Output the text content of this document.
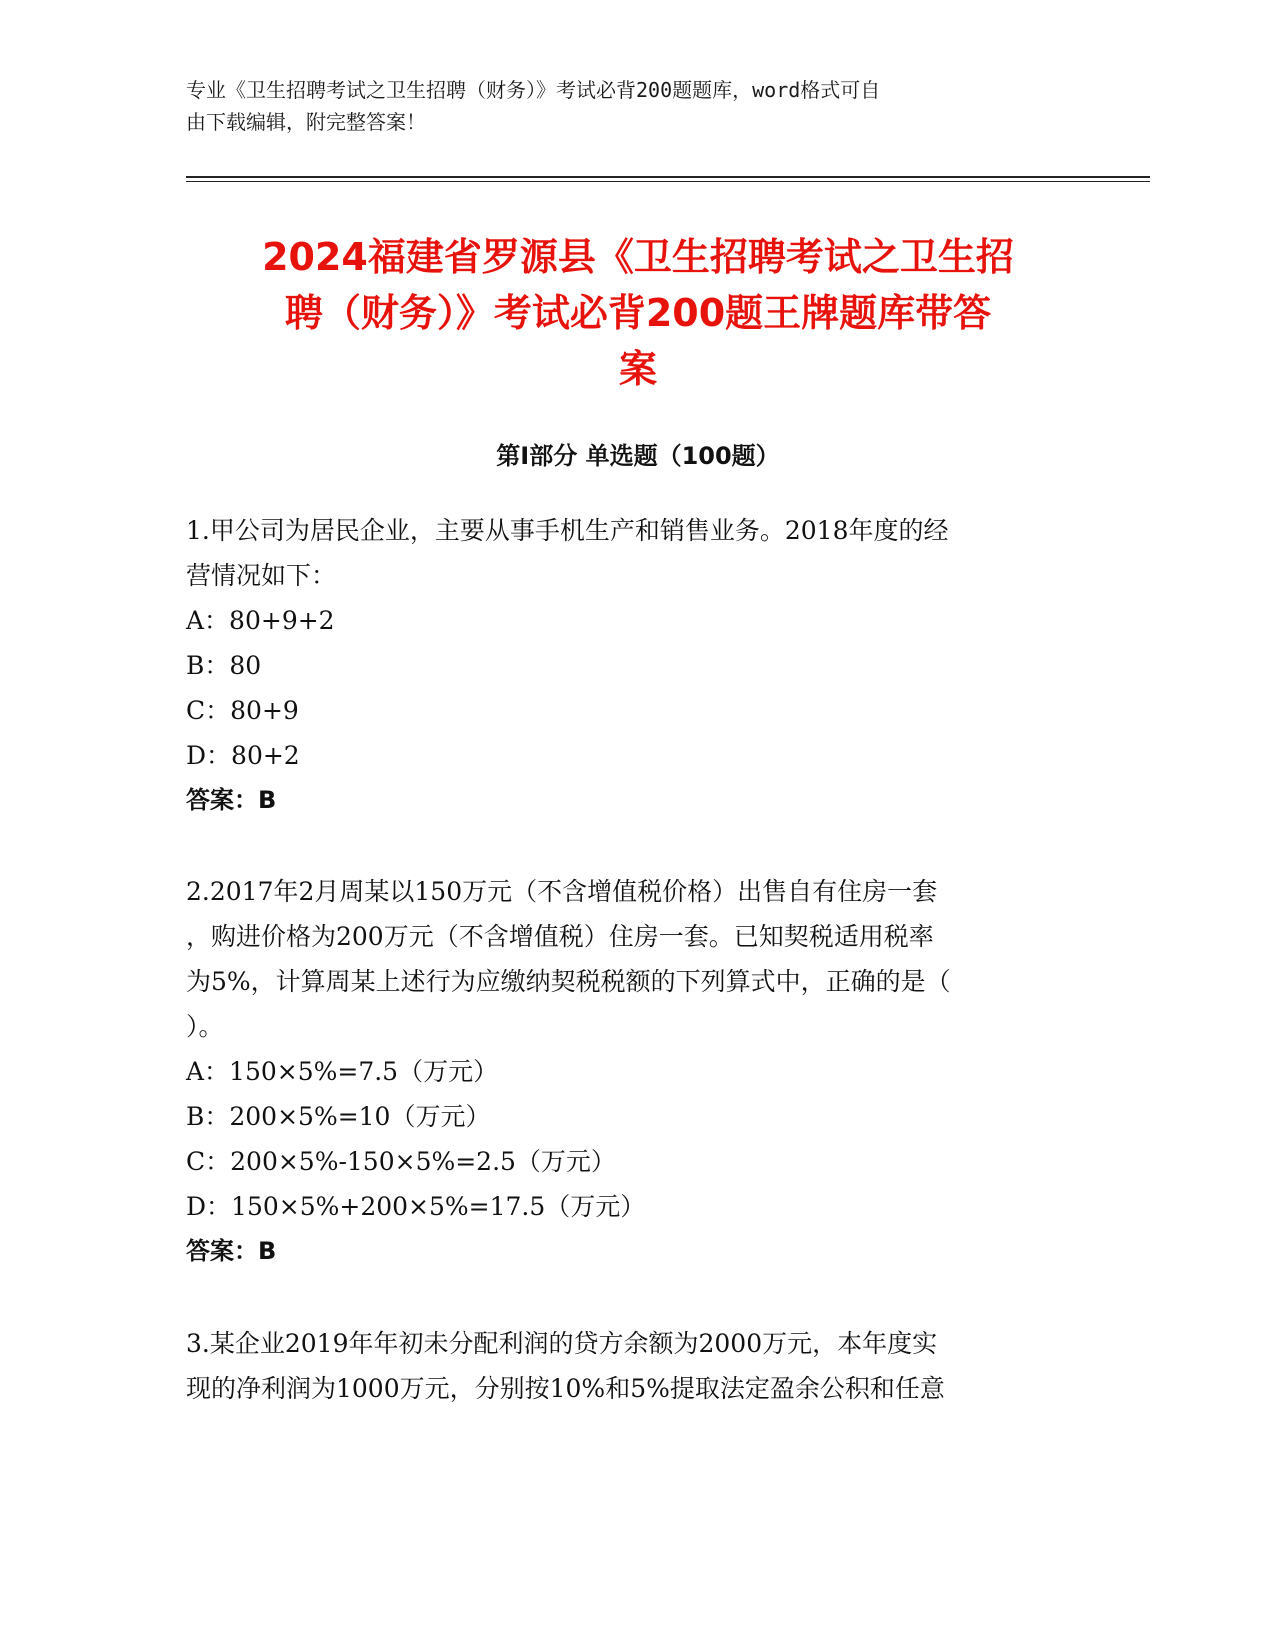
专业《卫生招聘考试之卫生招聘（财务）》考试必背200题题库，word格式可自

由下载编辑，附完整答案！

2024福建省罗源县《卫生招聘考试之卫生招

聘（财务）》考试必背200题王牌题库带答

案

第Ⅰ部分 单选题（100题）

1.甲公司为居民企业，主要从事手机生产和销售业务。2018年度的经

营情况如下：

A：80+9+2

B：80

C：80+9

D：80+2

答案：B

2.2017年2月周某以150万元（不含增值税价格）出售自有住房一套

，购进价格为200万元（不含增值税）住房一套。已知契税适用税率

为5%，计算周某上述行为应缴纳契税税额的下列算式中，正确的是（

）。

A：150×5%=7.5（万元）

B：200×5%=10（万元）

C：200×5%-150×5%=2.5（万元）

D：150×5%+200×5%=17.5（万元）

答案：B

3.某企业2019年年初未分配利润的贷方余额为2000万元，本年度实

现的净利润为1000万元，分别按10%和5%提取法定盈余公积和任意
